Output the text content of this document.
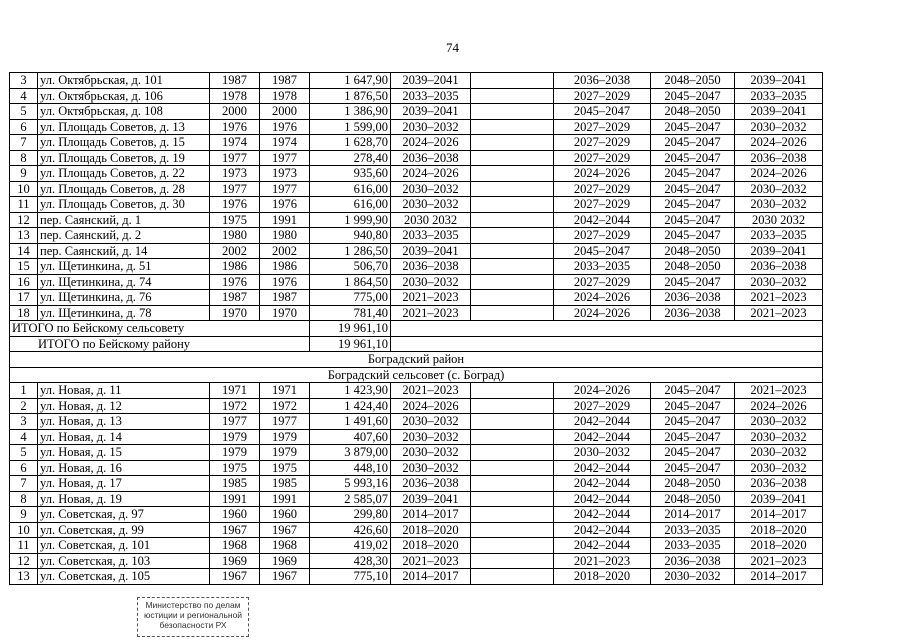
74
3	ул. Октябрьская, д. 101	1987	1987	1 647,90	2039–2041		2036–2038	2048–2050	2039–2041
4	ул. Октябрьская, д. 106	1978	1978	1 876,50	2033–2035		2027–2029	2045–2047	2033–2035
5	ул. Октябрьская, д. 108	2000	2000	1 386,90	2039–2041		2045–2047	2048–2050	2039–2041
6	ул. Площадь Советов, д. 13	1976	1976	1 599,00	2030–2032		2027–2029	2045–2047	2030–2032
7	ул. Площадь Советов, д. 15	1974	1974	1 628,70	2024–2026		2027–2029	2045–2047	2024–2026
8	ул. Площадь Советов, д. 19	1977	1977	278,40	2036–2038		2027–2029	2045–2047	2036–2038
9	ул. Площадь Советов, д. 22	1973	1973	935,60	2024–2026		2024–2026	2045–2047	2024–2026
10	ул. Площадь Советов, д. 28	1977	1977	616,00	2030–2032		2027–2029	2045–2047	2030–2032
11	ул. Площадь Советов, д. 30	1976	1976	616,00	2030–2032		2027–2029	2045–2047	2030–2032
12	пер. Саянский, д. 1	1975	1991	1 999,90	2030 2032		2042–2044	2045–2047	2030 2032
13	пер. Саянский, д. 2	1980	1980	940,80	2033–2035		2027–2029	2045–2047	2033–2035
14	пер. Саянский, д. 14	2002	2002	1 286,50	2039–2041		2045–2047	2048–2050	2039–2041
15	ул. Щетинкина, д. 51	1986	1986	506,70	2036–2038		2033–2035	2048–2050	2036–2038
16	ул. Щетинкина, д. 74	1976	1976	1 864,50	2030–2032		2027–2029	2045–2047	2030–2032
17	ул. Щетинкина, д. 76	1987	1987	775,00	2021–2023		2024–2026	2036–2038	2021–2023
18	ул. Щетинкина, д. 78	1970	1970	781,40	2021–2023		2024–2026	2036–2038	2021–2023
ИТОГО по Бейскому сельсовету				19 961,10					
ИТОГО по Бейскому району				19 961,10					
Боградский район									
Боградский сельсовет (с. Боград)									
1	ул. Новая, д. 11	1971	1971	1 423,90	2021–2023		2024–2026	2045–2047	2021–2023
2	ул. Новая, д. 12	1972	1972	1 424,40	2024–2026		2027–2029	2045–2047	2024–2026
3	ул. Новая, д. 13	1977	1977	1 491,60	2030–2032		2042–2044	2045–2047	2030–2032
4	ул. Новая, д. 14	1979	1979	407,60	2030–2032		2042–2044	2045–2047	2030–2032
5	ул. Новая, д. 15	1979	1979	3 879,00	2030–2032		2030–2032	2045–2047	2030–2032
6	ул. Новая, д. 16	1975	1975	448,10	2030–2032		2042–2044	2045–2047	2030–2032
7	ул. Новая, д. 17	1985	1985	5 993,16	2036–2038		2042–2044	2048–2050	2036–2038
8	ул. Новая, д. 19	1991	1991	2 585,07	2039–2041		2042–2044	2048–2050	2039–2041
9	ул. Советская, д. 97	1960	1960	299,80	2014–2017		2042–2044	2014–2017	2014–2017
10	ул. Советская, д. 99	1967	1967	426,60	2018–2020		2042–2044	2033–2035	2018–2020
11	ул. Советская, д. 101	1968	1968	419,02	2018–2020		2042–2044	2033–2035	2018–2020
12	ул. Советская, д. 103	1969	1969	428,30	2021–2023		2021–2023	2036–2038	2021–2023
13	ул. Советская, д. 105	1967	1967	775,10	2014–2017		2018–2020	2030–2032	2014–2017
Министерство по делам
юстиции и региональной
безопасности РХ
